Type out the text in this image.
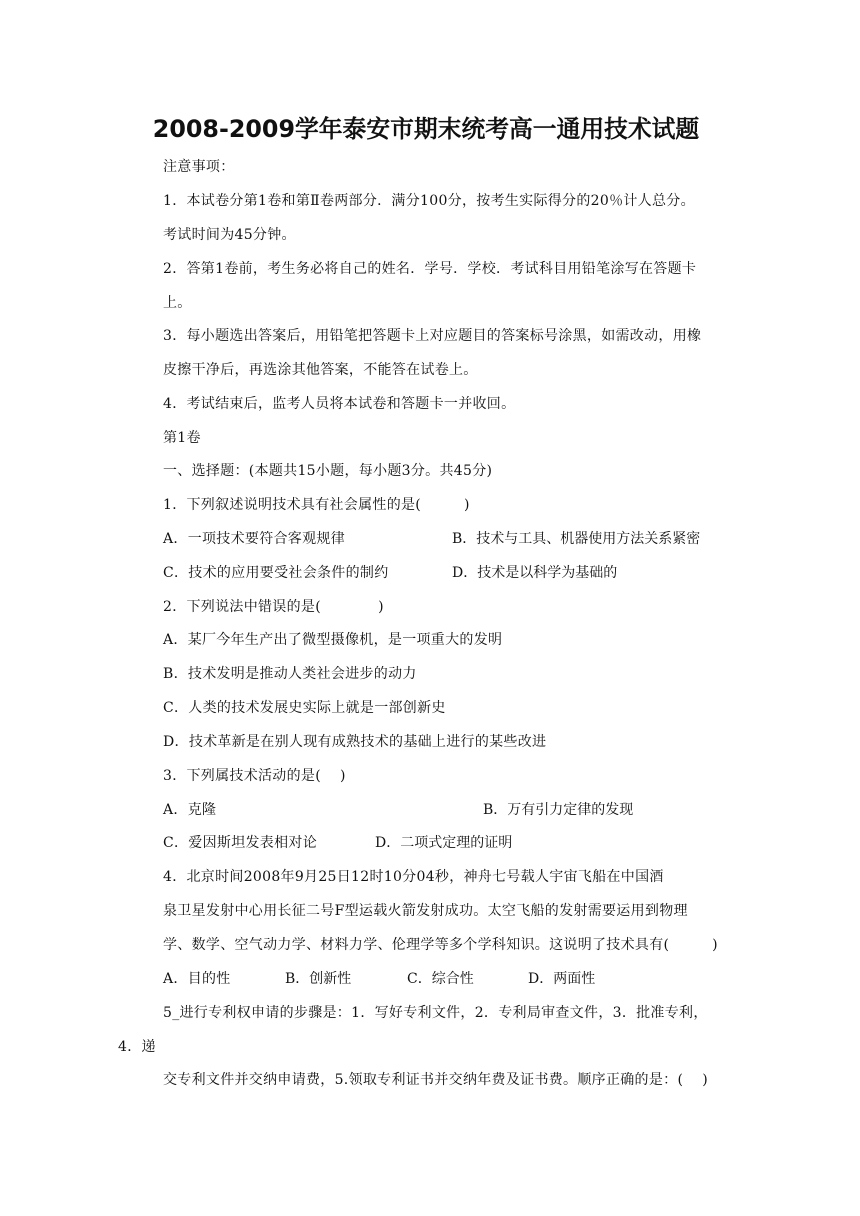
2008-2009学年泰安市期末统考高一通用技术试题
注意事项：
1．本试卷分第1卷和第Ⅱ卷两部分．满分100分，按考生实际得分的20％计人总分。
考试时间为45分钟。
2．答第1卷前，考生务必将自己的姓名．学号．学校．考试科目用铅笔涂写在答题卡
上。
3．每小题选出答案后，用铅笔把答题卡上对应题目的答案标号涂黑，如需改动，用橡
皮擦干净后，再选涂其他答案，不能答在试卷上。
4．考试结束后，监考人员将本试卷和答题卡一并收回。
第1卷
一、选择题：(本题共15小题，每小题3分。共45分)
1．下列叙述说明技术具有社会属性的是(　　　)
A．一项技术要符合客观规律	B．技术与工具、机器使用方法关系紧密
C．技术的应用要受社会条件的制约	D．技术是以科学为基础的
2．下列说法中错误的是(　　　　)
A．某厂今年生产出了微型摄像机，是一项重大的发明
B．技术发明是推动人类社会进步的动力
C．人类的技术发展史实际上就是一部创新史
D．技术革新是在别人现有成熟技术的基础上进行的某些改进
3．下列属技术活动的是(　 )
A．克隆	B．万有引力定律的发现
C．爱因斯坦发表相对论	D．二项式定理的证明
4．北京时间2008年9月25日12时10分04秒，神舟七号载人宇宙飞船在中国酒
泉卫星发射中心用长征二号F型运载火箭发射成功。太空飞船的发射需要运用到物理
学、数学、空气动力学、材料力学、伦理学等多个学科知识。这说明了技术具有(　　　)
A．目的性	B．创新性	C．综合性	D．两面性
5_进行专利权申请的步骤是：1．写好专利文件，2．专利局审查文件，3．批准专利，
4．递
交专利文件并交纳申请费，5.领取专利证书并交纳年费及证书费。顺序正确的是：(　 )
